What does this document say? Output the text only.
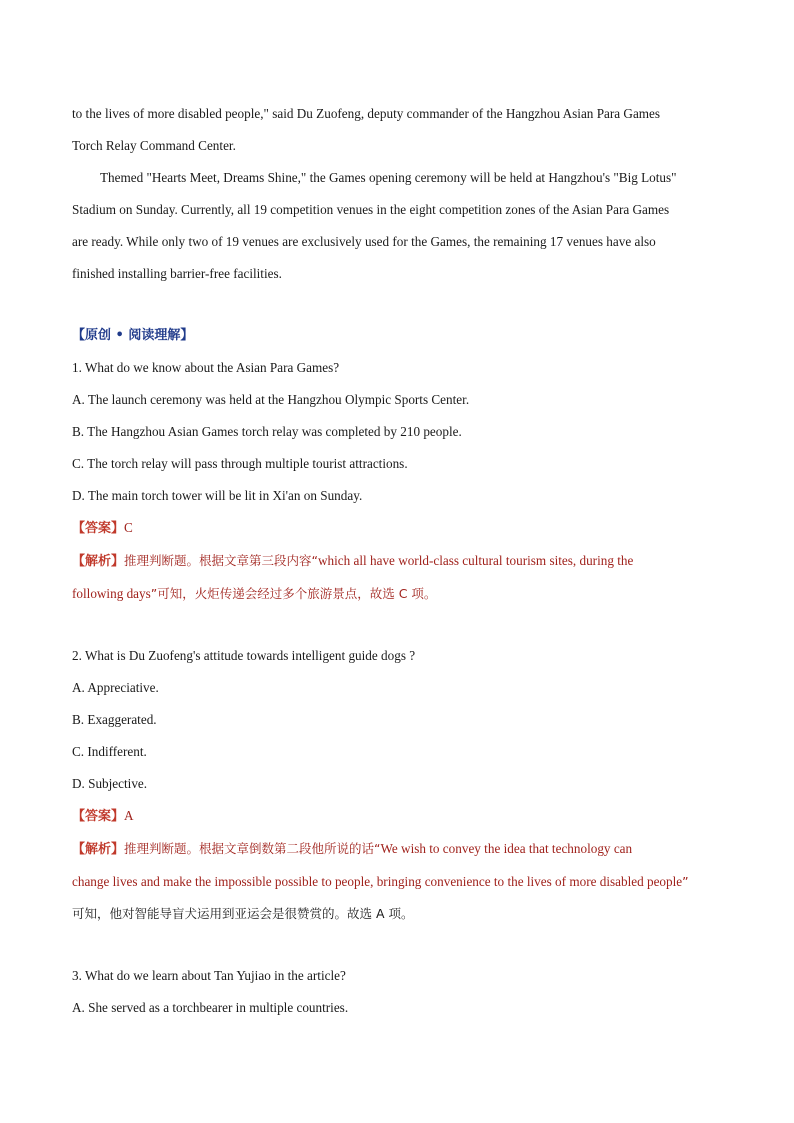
to the lives of more disabled people," said Du Zuofeng, deputy commander of the Hangzhou Asian Para Games

Torch Relay Command Center.

Themed "Hearts Meet, Dreams Shine," the Games opening ceremony will be held at Hangzhou's "Big Lotus"

Stadium on Sunday. Currently, all 19 competition venues in the eight competition zones of the Asian Para Games

are ready. While only two of 19 venues are exclusively used for the Games, the remaining 17 venues have also

finished installing barrier-free facilities.

【原创 • 阅读理解】

1. What do we know about the Asian Para Games?

A. The launch ceremony was held at the Hangzhou Olympic Sports Center.

B. The Hangzhou Asian Games torch relay was completed by 210 people.

C. The torch relay will pass through multiple tourist attractions.

D. The main torch tower will be lit in Xi'an on Sunday.

【答案】C

【解析】推理判断题。根据文章第三段内容“which all have world-class cultural tourism sites, during the

following days”可知，火炬传递会经过多个旅游景点，故选 C 项。

2. What is Du Zuofeng's attitude towards intelligent guide dogs ?

A. Appreciative.

B. Exaggerated.

C. Indifferent.

D. Subjective.

【答案】A

【解析】推理判断题。根据文章倒数第二段他所说的话“We wish to convey the idea that technology can

change lives and make the impossible possible to people, bringing convenience to the lives of more disabled people”

可知，他对智能导盲犬运用到亚运会是很赞赏的。故选 A 项。

3. What do we learn about Tan Yujiao in the article?

A. She served as a torchbearer in multiple countries.
